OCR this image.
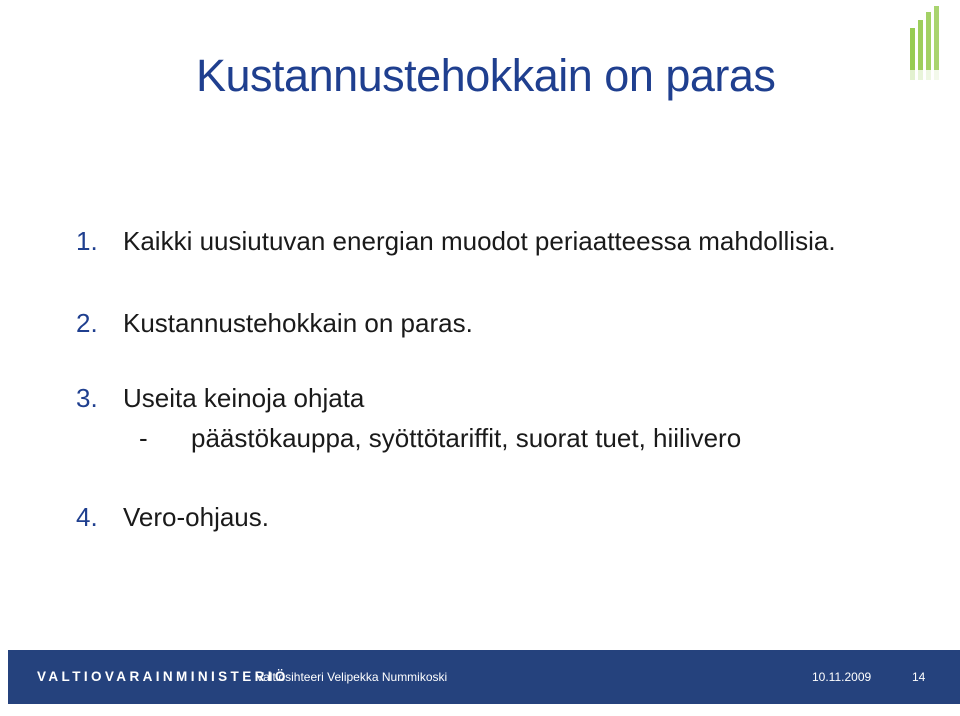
Kustannustehokkain on paras
1. Kaikki uusiutuvan energian muodot periaatteessa mahdollisia.
2. Kustannustehokkain on paras.
3. Useita keinoja ohjata
- päästökauppa, syöttötariffit, suorat tuet, hiilivero
4. Vero-ohjaus.
VALTIOVARAINMINISTERIÖ
Valtiosihteeri Velipekka Nummikoski	10.11.2009	14
